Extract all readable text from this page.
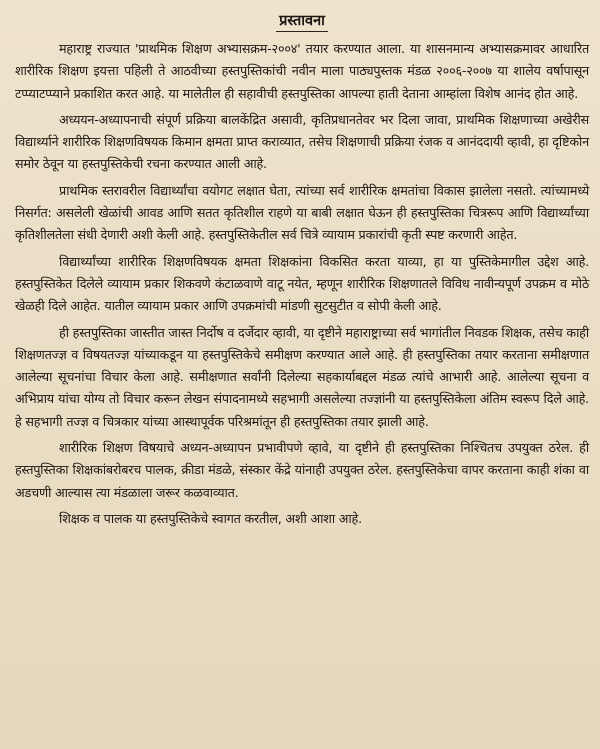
प्रस्तावना

महाराष्ट्र राज्यात 'प्राथमिक शिक्षण अभ्यासक्रम-२००४' तयार करण्यात आला. या शासनमान्य अभ्यासक्रमावर आधारित शारीरिक शिक्षण इयत्ता पहिली ते आठवीच्या हस्तपुस्तिकांची नवीन माला पाठ्यपुस्तक मंडळ २००६-२००७ या शालेय वर्षापासून टप्प्याटप्प्याने प्रकाशित करत आहे. या मालेतील ही सहावीची हस्तपुस्तिका आपल्या हाती देताना आम्हांला विशेष आनंद होत आहे.

अध्ययन-अध्यापनाची संपूर्ण प्रक्रिया बालकेंद्रित असावी, कृतिप्रधानतेवर भर दिला जावा, प्राथमिक शिक्षणाच्या अखेरीस विद्यार्थ्याने शारीरिक शिक्षणविषयक किमान क्षमता प्राप्त कराव्यात, तसेच शिक्षणाची प्रक्रिया रंजक व आनंददायी व्हावी, हा दृष्टिकोन समोर ठेवून या हस्तपुस्तिकेची रचना करण्यात आली आहे.

प्राथमिक स्तरावरील विद्यार्थ्यांचा वयोगट लक्षात घेता, त्यांच्या सर्व शारीरिक क्षमतांचा विकास झालेला नसतो. त्यांच्यामध्ये निसर्गत: असलेली खेळांची आवड आणि सतत कृतिशील राहणे या बाबी लक्षात घेऊन ही हस्तपुस्तिका चित्ररूप आणि विद्यार्थ्यांच्या कृतिशीलतेला संधी देणारी अशी केली आहे. हस्तपुस्तिकेतील सर्व चित्रे व्यायाम प्रकारांची कृती स्पष्ट करणारी आहेत.

विद्यार्थ्यांच्या शारीरिक शिक्षणविषयक क्षमता शिक्षकांना विकसित करता याव्या, हा या पुस्तिकेमागील उद्देश आहे. हस्तपुस्तिकेत दिलेले व्यायाम प्रकार शिकवणे कंटाळवाणे वाटू नयेत, म्हणून शारीरिक शिक्षणातले विविध नावीन्यपूर्ण उपक्रम व मोठे खेळही दिले आहेत. यातील व्यायाम प्रकार आणि उपक्रमांची मांडणी सुटसुटीत व सोपी केली आहे.

ही हस्तपुस्तिका जास्तीत जास्त निर्दोष व दर्जेदार व्हावी, या दृष्टीने महाराष्ट्राच्या सर्व भागांतील निवडक शिक्षक, तसेच काही शिक्षणतज्ज्ञ व विषयतज्ज्ञ यांच्याकडून या हस्तपुस्तिकेचे समीक्षण करण्यात आले आहे. ही हस्तपुस्तिका तयार करताना समीक्षणात आलेल्या सूचनांचा विचार केला आहे. समीक्षणात सर्वांनी दिलेल्या सहकार्याबद्दल मंडळ त्यांचे आभारी आहे. आलेल्या सूचना व अभिप्राय यांचा योग्य तो विचार करून लेखन संपादनामध्ये सहभागी असलेल्या तज्ज्ञांनी या हस्तपुस्तिकेला अंतिम स्वरूप दिले आहे. हे सहभागी तज्ज्ञ व चित्रकार यांच्या आस्थापूर्वक परिश्रमांतून ही हस्तपुस्तिका तयार झाली आहे.

शारीरिक शिक्षण विषयाचे अध्यन-अध्यापन प्रभावीपणे व्हावे, या दृष्टीने ही हस्तपुस्तिका निश्चितच उपयुक्त ठरेल. ही हस्तपुस्तिका शिक्षकांबरोबरच पालक, क्रीडा मंडळे, संस्कार केंद्रे यांनाही उपयुक्त ठरेल. हस्तपुस्तिकेचा वापर करताना काही शंका वा अडचणी आल्यास त्या मंडळाला जरूर कळवाव्यात.

शिक्षक व पालक या हस्तपुस्तिकेचे स्वागत करतील, अशी आशा आहे.
